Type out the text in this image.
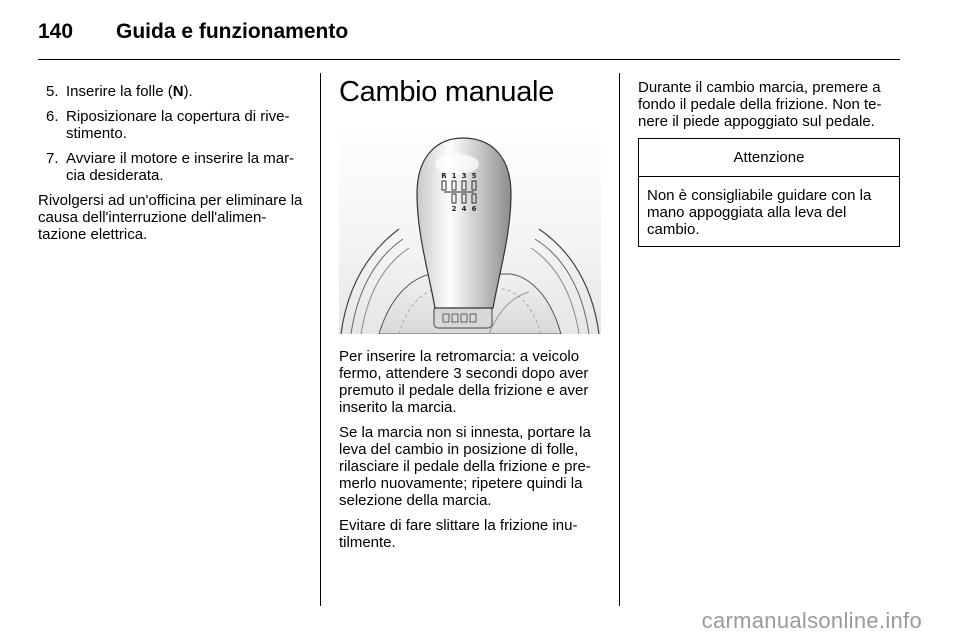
140 Guida e funzionamento
5. Inserire la folle (N).
6. Riposizionare la copertura di rive-stimento.
7. Avviare il motore e inserire la mar-cia desiderata.

Rivolgersi ad un'officina per eliminare la causa dell'interruzione dell'alimen-tazione elettrica.

Cambio manuale
R 1 3 5
2 4 6

Per inserire la retromarcia: a veicolo fermo, attendere 3 secondi dopo aver premuto il pedale della frizione e aver inserito la marcia.

Se la marcia non si innesta, portare la leva del cambio in posizione di folle, rilasciare il pedale della frizione e pre-merlo nuovamente; ripetere quindi la selezione della marcia.

Evitare di fare slittare la frizione inu-tilmente.

Durante il cambio marcia, premere a fondo il pedale della frizione. Non te-nere il piede appoggiato sul pedale.

Attenzione
Non è consigliabile guidare con la mano appoggiata alla leva del cambio.
carmanualsonline.info
